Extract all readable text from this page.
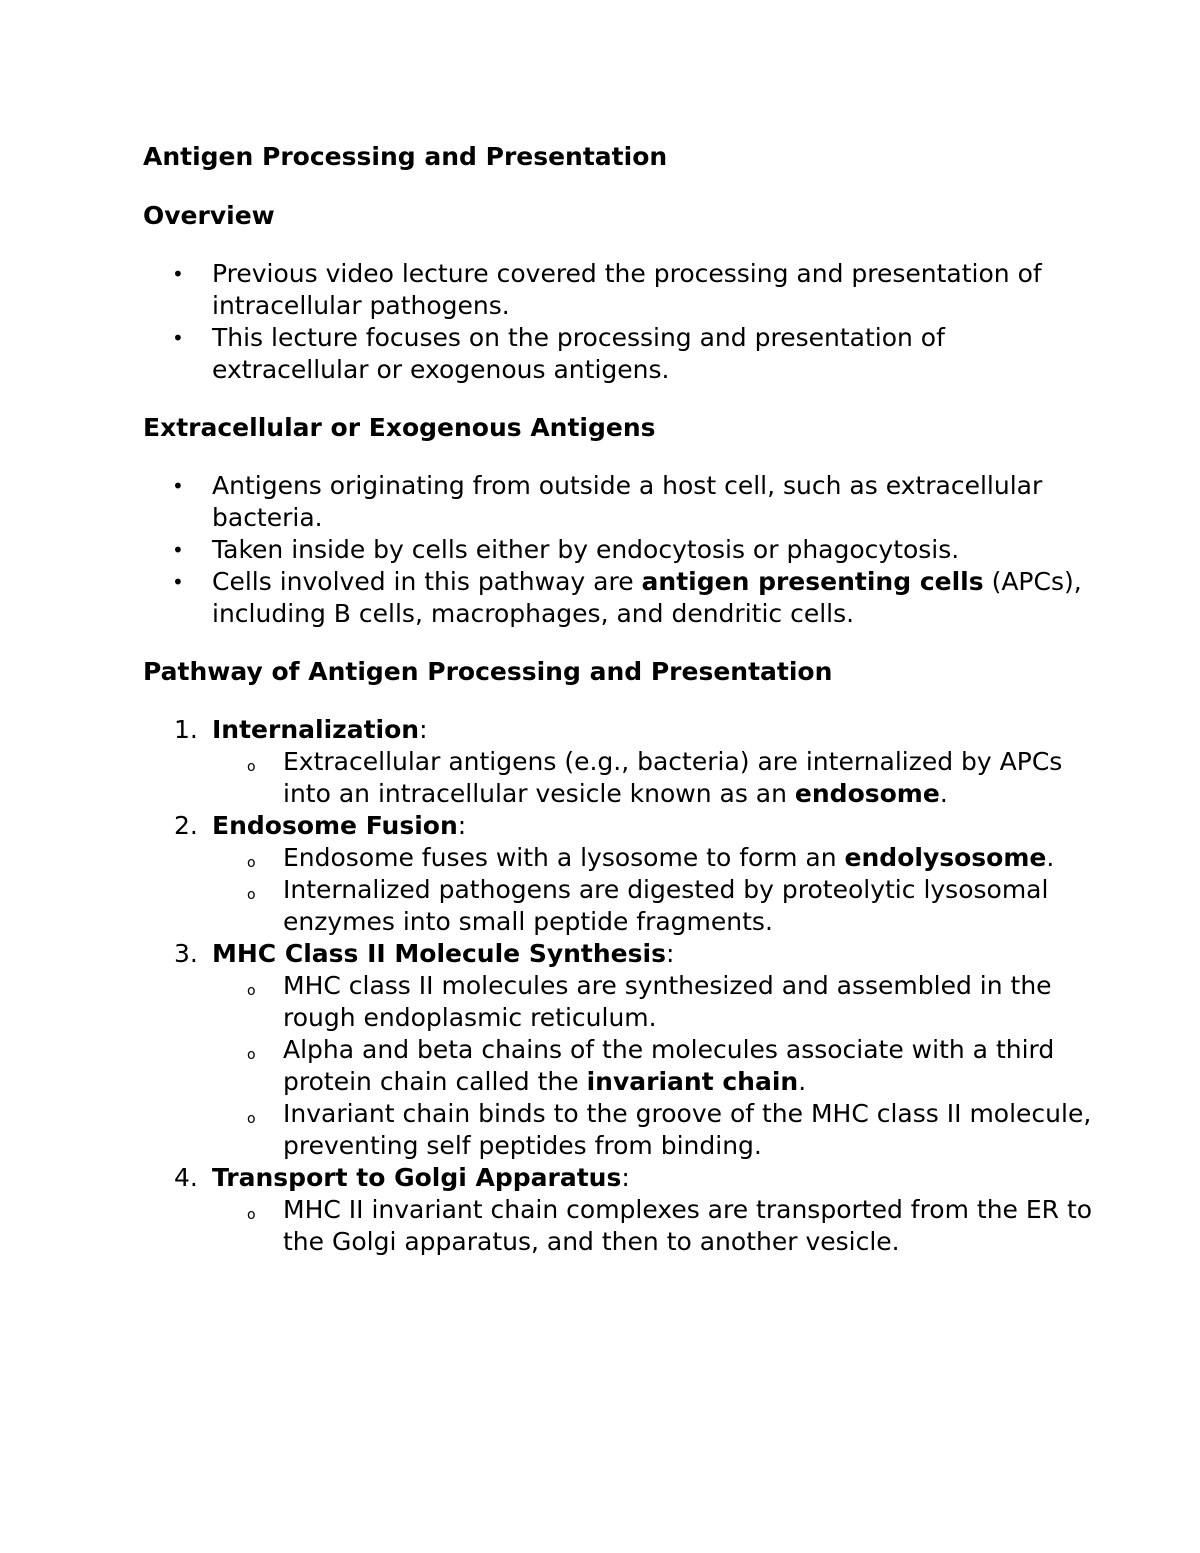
Antigen Processing and Presentation
Overview
• Previous video lecture covered the processing and presentation of intracellular pathogens.
• This lecture focuses on the processing and presentation of extracellular or exogenous antigens.
Extracellular or Exogenous Antigens
• Antigens originating from outside a host cell, such as extracellular bacteria.
• Taken inside by cells either by endocytosis or phagocytosis.
• Cells involved in this pathway are antigen presenting cells (APCs), including B cells, macrophages, and dendritic cells.
Pathway of Antigen Processing and Presentation
1. Internalization:
o Extracellular antigens (e.g., bacteria) are internalized by APCs into an intracellular vesicle known as an endosome.
2. Endosome Fusion:
o Endosome fuses with a lysosome to form an endolysosome.
o Internalized pathogens are digested by proteolytic lysosomal enzymes into small peptide fragments.
3. MHC Class II Molecule Synthesis:
o MHC class II molecules are synthesized and assembled in the rough endoplasmic reticulum.
o Alpha and beta chains of the molecules associate with a third protein chain called the invariant chain.
o Invariant chain binds to the groove of the MHC class II molecule, preventing self peptides from binding.
4. Transport to Golgi Apparatus:
o MHC II invariant chain complexes are transported from the ER to the Golgi apparatus, and then to another vesicle.
